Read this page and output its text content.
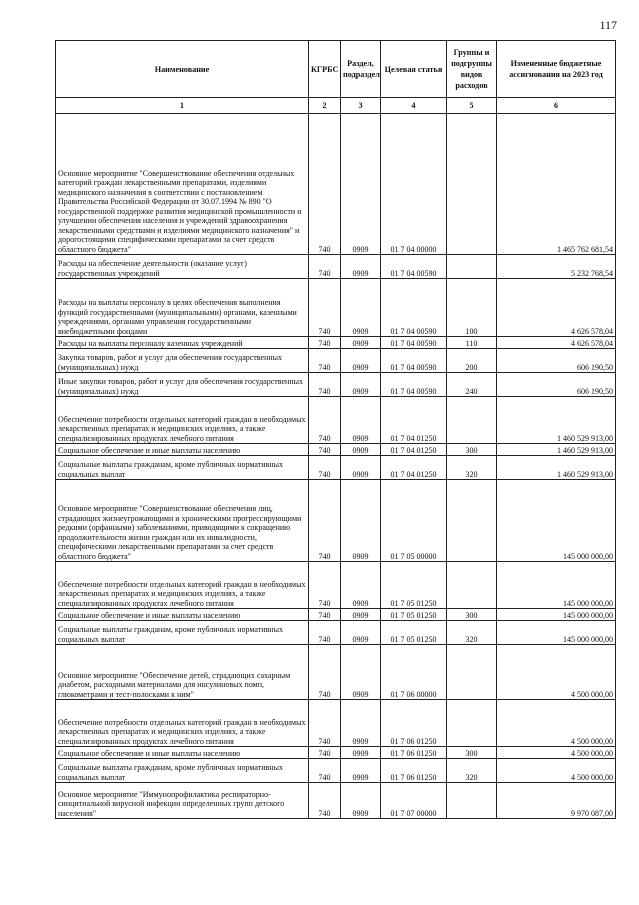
117
Наименование	КГРБС	Раздел, подраздел	Целевая статья	Группы и подгруппы видов расходов	Измененные бюджетные ассигнования на 2023 год
1	2	3	4	5	6
Основное мероприятие "Совершенствование обеспечения отдельных категорий граждан лекарственными препаратами, изделиями медицинского назначения в соответствии с постановлением Правительства Российской Федерации от 30.07.1994 № 890 "О государственной поддержке развития медицинской промышленности и улучшении обеспечения населения и учреждений здравоохранения лекарственными средствами и изделиями медицинского назначения" и дорогостоящими специфическими препаратами за счет средств областного бюджета"	740	0909	01 7 04 00000		1 465 762 681,54
Расходы на обеспечение деятельности (оказание услуг) государственных учреждений	740	0909	01 7 04 00590		5 232 768,54
Расходы на выплаты персоналу в целях обеспечения выполнения функций государственными (муниципальными) органами, казенными учреждениями, органами управления государственными внебюджетными фондами	740	0909	01 7 04 00590	100	4 626 578,04
Расходы на выплаты персоналу казенных учреждений	740	0909	01 7 04 00590	110	4 626 578,04
Закупка товаров, работ и услуг для обеспечения государственных (муниципальных) нужд	740	0909	01 7 04 00590	200	606 190,50
Иные закупки товаров, работ и услуг для обеспечения государственных (муниципальных) нужд	740	0909	01 7 04 00590	240	606 190,50
Обеспечение потребности отдельных категорий граждан в необходимых лекарственных препаратах и медицинских изделиях, а также специализированных продуктах лечебного питания	740	0909	01 7 04 01250		1 460 529 913,00
Социальное обеспечение и иные выплаты населению	740	0909	01 7 04 01250	300	1 460 529 913,00
Социальные выплаты гражданам, кроме публичных нормативных социальных выплат	740	0909	01 7 04 01250	320	1 460 529 913,00
Основное мероприятие "Совершенствование обеспечения лиц, страдающих жизнеугрожающими и хроническими прогрессирующими редкими (орфанными) заболеваниями, приводящими к сокращению продолжительности жизни граждан или их инвалидности, специфическими лекарственными препаратами за счет средств областного бюджета"	740	0909	01 7 05 00000		145 000 000,00
Обеспечение потребности отдельных категорий граждан в необходимых лекарственных препаратах и медицинских изделиях, а также специализированных продуктах лечебного питания	740	0909	01 7 05 01250		145 000 000,00
Социальное обеспечение и иные выплаты населению	740	0909	01 7 05 01250	300	145 000 000,00
Социальные выплаты гражданам, кроме публичных нормативных социальных выплат	740	0909	01 7 05 01250	320	145 000 000,00
Основное мероприятие "Обеспечение детей, страдающих сахарным диабетом, расходными материалами для инсулиновых помп, глюкометрами и тест-полосками к ним"	740	0909	01 7 06 00000		4 500 000,00
Обеспечение потребности отдельных категорий граждан в необходимых лекарственных препаратах и медицинских изделиях, а также специализированных продуктах лечебного питания	740	0909	01 7 06 01250		4 500 000,00
Социальное обеспечение и иные выплаты населению	740	0909	01 7 06 01250	300	4 500 000,00
Социальные выплаты гражданам, кроме публичных нормативных социальных выплат	740	0909	01 7 06 01250	320	4 500 000,00
Основное мероприятие "Иммунопрофилактика респираторно-синцитиальной вирусной инфекции определенных групп детского населения"	740	0909	01 7 07 00000		9 970 087,00
